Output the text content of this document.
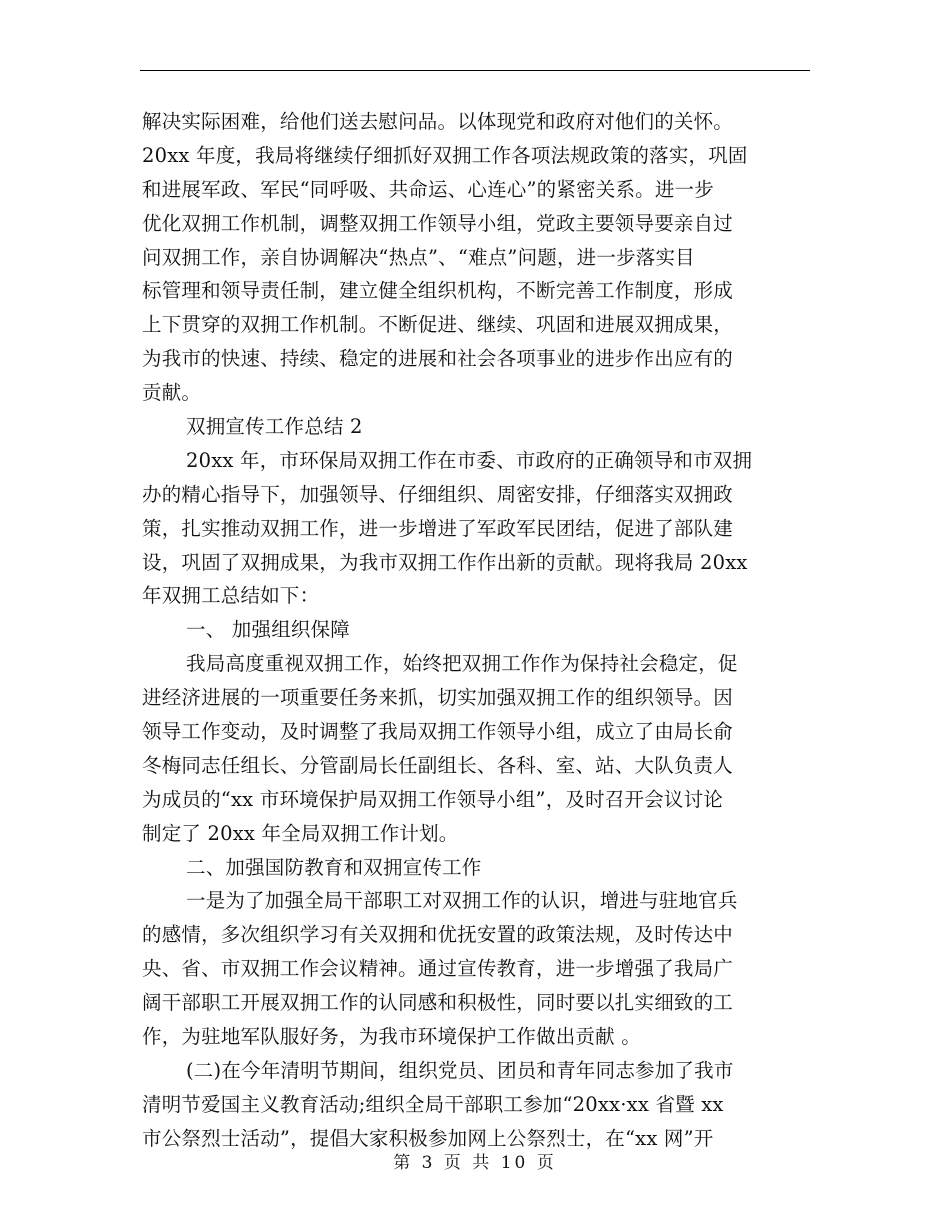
解决实际困难，给他们送去慰问品。以体现党和政府对他们的关怀。
20xx 年度，我局将继续仔细抓好双拥工作各项法规政策的落实，巩固
和进展军政、军民“同呼吸、共命运、心连心”的紧密关系。进一步
优化双拥工作机制，调整双拥工作领导小组，党政主要领导要亲自过
问双拥工作，亲自协调解决“热点”、“难点”问题，进一步落实目
标管理和领导责任制，建立健全组织机构，不断完善工作制度，形成
上下贯穿的双拥工作机制。不断促进、继续、巩固和进展双拥成果，
为我市的快速、持续、稳定的进展和社会各项事业的进步作出应有的
贡献。
双拥宣传工作总结 2
20xx 年，市环保局双拥工作在市委、市政府的正确领导和市双拥
办的精心指导下，加强领导、仔细组织、周密安排，仔细落实双拥政
策，扎实推动双拥工作，进一步增进了军政军民团结，促进了部队建
设，巩固了双拥成果，为我市双拥工作作出新的贡献。现将我局 20xx
年双拥工总结如下：
一、 加强组织保障
我局高度重视双拥工作，始终把双拥工作作为保持社会稳定，促
进经济进展的一项重要任务来抓，切实加强双拥工作的组织领导。因
领导工作变动，及时调整了我局双拥工作领导小组，成立了由局长俞
冬梅同志任组长、分管副局长任副组长、各科、室、站、大队负责人
为成员的“xx 市环境保护局双拥工作领导小组”，及时召开会议讨论
制定了 20xx 年全局双拥工作计划。
二、加强国防教育和双拥宣传工作
一是为了加强全局干部职工对双拥工作的认识，增进与驻地官兵
的感情，多次组织学习有关双拥和优抚安置的政策法规，及时传达中
央、省、市双拥工作会议精神。通过宣传教育，进一步增强了我局广
阔干部职工开展双拥工作的认同感和积极性，同时要以扎实细致的工
作，为驻地军队服好务，为我市环境保护工作做出贡献 。
(二)在今年清明节期间，组织党员、团员和青年同志参加了我市
清明节爱国主义教育活动;组织全局干部职工参加“20xx·xx 省暨 xx
市公祭烈士活动”，提倡大家积极参加网上公祭烈士，在“xx 网”开
第 3 页 共 10 页
